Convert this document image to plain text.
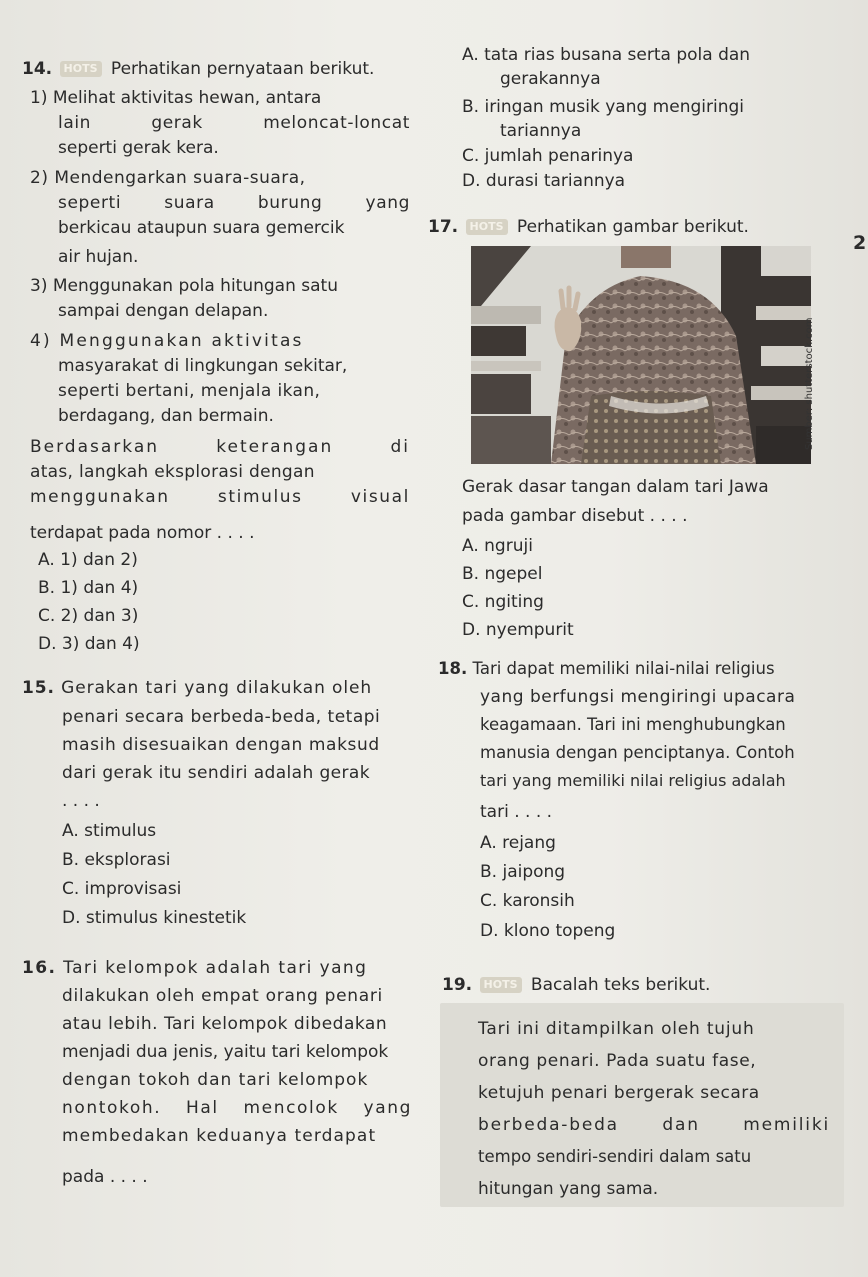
14. HOTS Perhatikan pernyataan berikut.
1) Melihat aktivitas hewan, antara
lain gerak meloncat-loncat
seperti gerak kera.
2) Mendengarkan suara-suara,
seperti suara burung yang
berkicau ataupun suara gemercik
air hujan.
3) Menggunakan pola hitungan satu
sampai dengan delapan.
4) Menggunakan aktivitas
masyarakat di lingkungan sekitar,
seperti bertani, menjala ikan,
berdagang, dan bermain.
Berdasarkan keterangan di
atas, langkah eksplorasi dengan
menggunakan stimulus visual
terdapat pada nomor . . . .
A. 1) dan 2)
B. 1) dan 4)
C. 2) dan 3)
D. 3) dan 4)
15. Gerakan tari yang dilakukan oleh
penari secara berbeda-beda, tetapi
masih disesuaikan dengan maksud
dari gerak itu sendiri adalah gerak
. . . .
A. stimulus
B. eksplorasi
C. improvisasi
D. stimulus kinestetik
16. Tari kelompok adalah tari yang
dilakukan oleh empat orang penari
atau lebih. Tari kelompok dibedakan
menjadi dua jenis, yaitu tari kelompok
dengan tokoh dan tari kelompok
nontokoh. Hal mencolok yang
membedakan keduanya terdapat
pada . . . .
A. tata rias busana serta pola dan
gerakannya
B. iringan musik yang mengiringi
tariannya
C. jumlah penarinya
D. durasi tariannya
17. HOTS Perhatikan gambar berikut.
2
Sumber: shutterstock.com
Gerak dasar tangan dalam tari Jawa
pada gambar disebut . . . .
A. ngruji
B. ngepel
C. ngiting
D. nyempurit
18. Tari dapat memiliki nilai-nilai religius
yang berfungsi mengiringi upacara
keagamaan. Tari ini menghubungkan
manusia dengan penciptanya. Contoh
tari yang memiliki nilai religius adalah
tari . . . .
A. rejang
B. jaipong
C. karonsih
D. klono topeng
19. HOTS Bacalah teks berikut.
Tari ini ditampilkan oleh tujuh
orang penari. Pada suatu fase,
ketujuh penari bergerak secara
berbeda-beda dan memiliki
tempo sendiri-sendiri dalam satu
hitungan yang sama.
